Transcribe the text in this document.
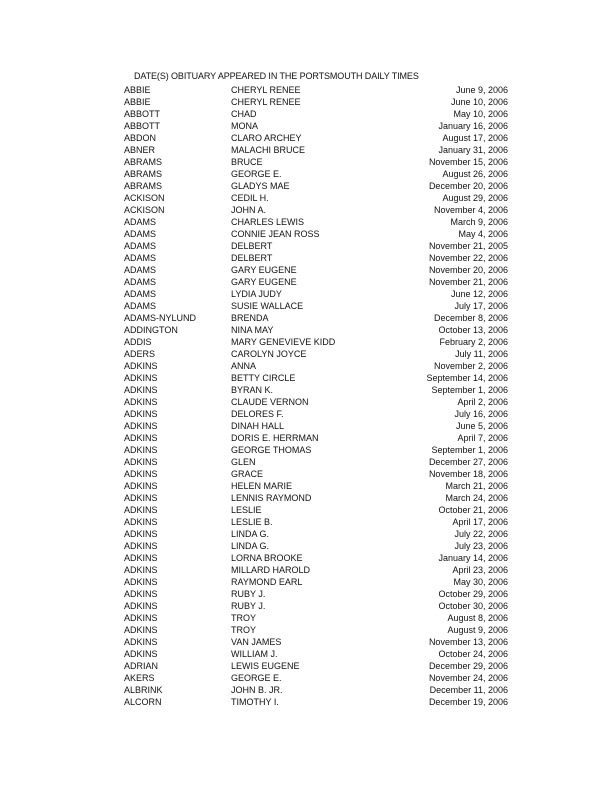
DATE(S) OBITUARY APPEARED IN THE PORTSMOUTH DAILY TIMES
ABBIE	CHERYL RENEE	June 9, 2006
ABBIE	CHERYL RENEE	June 10, 2006
ABBOTT	CHAD	May 10, 2006
ABBOTT	MONA	January 16, 2006
ABDON	CLARO ARCHEY	August 17, 2006
ABNER	MALACHI BRUCE	January 31, 2006
ABRAMS	BRUCE	November 15, 2006
ABRAMS	GEORGE E.	August 26, 2006
ABRAMS	GLADYS MAE	December 20, 2006
ACKISON	CEDIL H.	August 29, 2006
ACKISON	JOHN A.	November 4, 2006
ADAMS	CHARLES LEWIS	March 9, 2006
ADAMS	CONNIE JEAN ROSS	May 4, 2006
ADAMS	DELBERT	November 21, 2005
ADAMS	DELBERT	November 22, 2006
ADAMS	GARY EUGENE	November 20, 2006
ADAMS	GARY EUGENE	November 21, 2006
ADAMS	LYDIA JUDY	June 12, 2006
ADAMS	SUSIE WALLACE	July 17, 2006
ADAMS-NYLUND	BRENDA	December 8, 2006
ADDINGTON	NINA MAY	October 13, 2006
ADDIS	MARY GENEVIEVE KIDD	February 2, 2006
ADERS	CAROLYN JOYCE	July 11, 2006
ADKINS	ANNA	November 2, 2006
ADKINS	BETTY CIRCLE	September 14, 2006
ADKINS	BYRAN K.	September 1, 2006
ADKINS	CLAUDE VERNON	April 2, 2006
ADKINS	DELORES F.	July 16, 2006
ADKINS	DINAH HALL	June 5, 2006
ADKINS	DORIS E. HERRMAN	April 7, 2006
ADKINS	GEORGE THOMAS	September 1, 2006
ADKINS	GLEN	December 27, 2006
ADKINS	GRACE	November 18, 2006
ADKINS	HELEN MARIE	March 21, 2006
ADKINS	LENNIS RAYMOND	March 24, 2006
ADKINS	LESLIE	October 21, 2006
ADKINS	LESLIE B.	April 17, 2006
ADKINS	LINDA G.	July 22, 2006
ADKINS	LINDA G.	July 23, 2006
ADKINS	LORNA BROOKE	January 14, 2006
ADKINS	MILLARD HAROLD	April 23, 2006
ADKINS	RAYMOND EARL	May 30, 2006
ADKINS	RUBY J.	October 29, 2006
ADKINS	RUBY J.	October 30, 2006
ADKINS	TROY	August 8, 2006
ADKINS	TROY	August 9, 2006
ADKINS	VAN JAMES	November 13, 2006
ADKINS	WILLIAM J.	October 24, 2006
ADRIAN	LEWIS EUGENE	December 29, 2006
AKERS	GEORGE E.	November 24, 2006
ALBRINK	JOHN B. JR.	December 11, 2006
ALCORN	TIMOTHY I.	December 19, 2006
